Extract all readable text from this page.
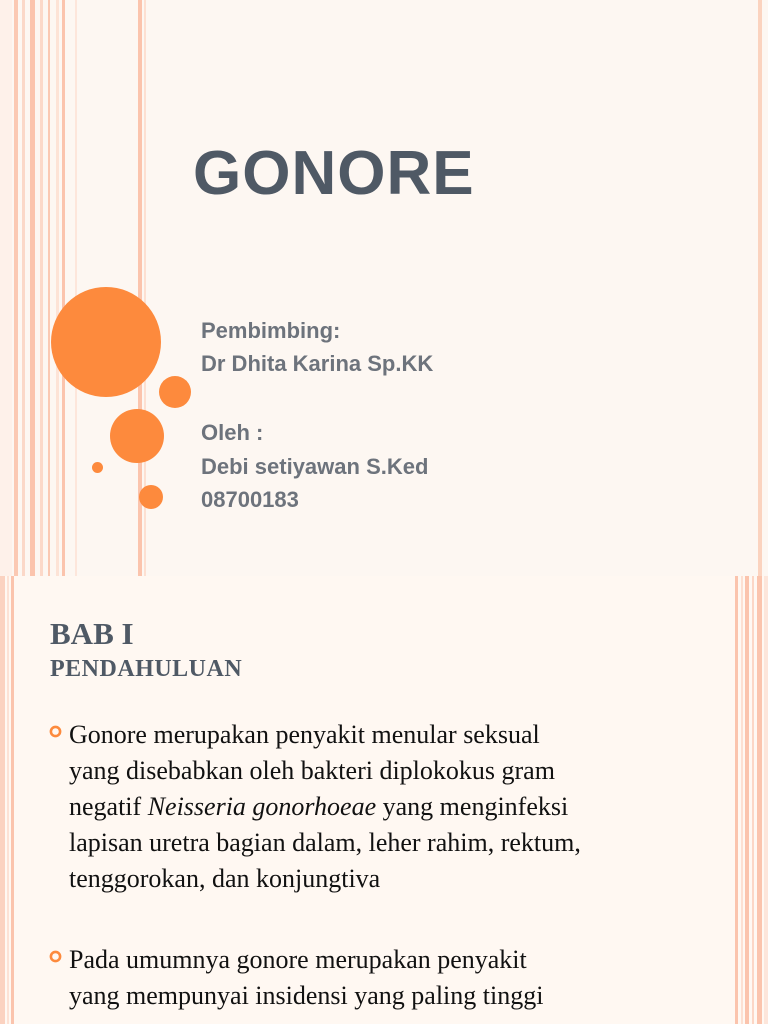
GONORE
Pembimbing:
Dr Dhita Karina Sp.KK
Oleh :
Debi setiyawan S.Ked
08700183
BAB I
PENDAHULUAN
Gonore merupakan penyakit menular seksual
yang disebabkan oleh bakteri diplokokus gram
negatif Neisseria gonorhoeae yang menginfeksi
lapisan uretra bagian dalam, leher rahim, rektum,
tenggorokan, dan konjungtiva
Pada umumnya gonore merupakan penyakit
yang mempunyai insidensi yang paling tinggi
